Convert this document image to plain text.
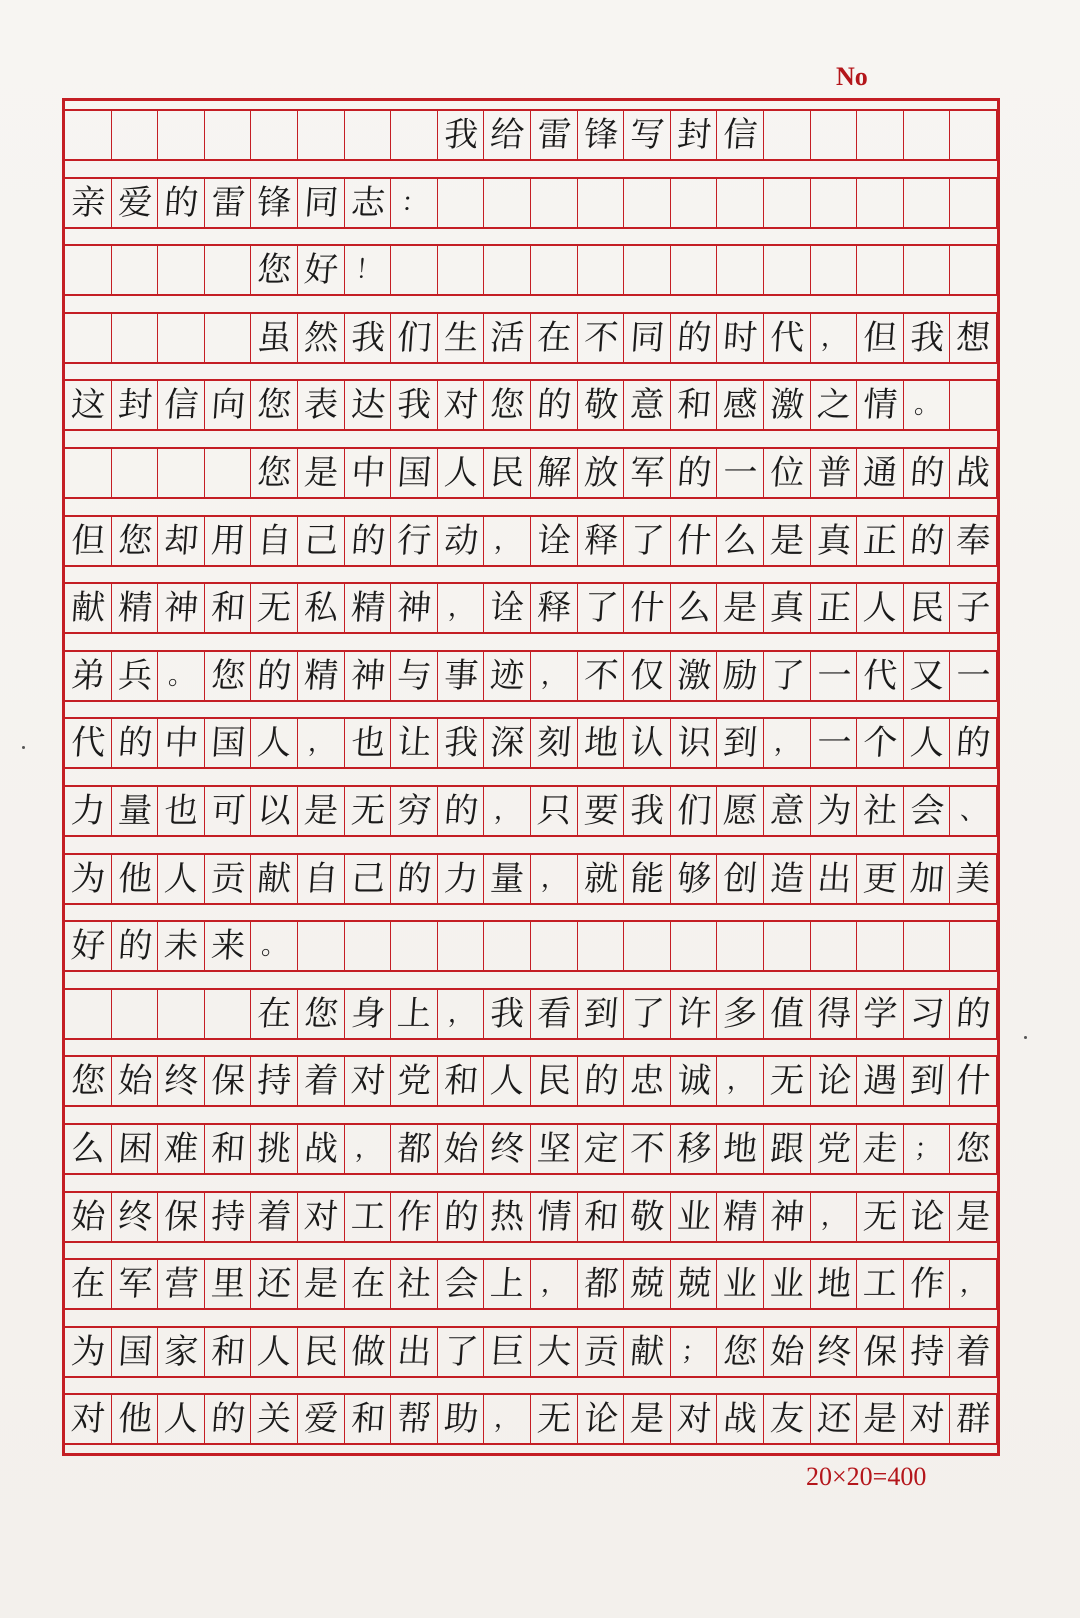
No
我 给 雷 锋 写 封 信
亲 爱 的 雷 锋 同 志 ：
您 好 ！
虽 然 我 们 生 活 在 不 同 的 时 代 ， 但 我 想
这 封 信 向 您 表 达 我 对 您 的 敬 意 和 感 激 之 情 。
您 是 中 国 人 民 解 放 军 的 一 位 普 通 的 战
但 您 却 用 自 己 的 行 动 ， 诠 释 了 什 么 是 真 正 的 奉
献 精 神 和 无 私 精 神 ， 诠 释 了 什 么 是 真 正 人 民 子
弟 兵 。 您 的 精 神 与 事 迹 ， 不 仅 激 励 了 一 代 又 一
代 的 中 国 人 ， 也 让 我 深 刻 地 认 识 到 ， 一 个 人 的
力 量 也 可 以 是 无 穷 的 ， 只 要 我 们 愿 意 为 社 会 、
为 他 人 贡 献 自 己 的 力 量 ， 就 能 够 创 造 出 更 加 美
好 的 未 来 。
在 您 身 上 ， 我 看 到 了 许 多 值 得 学 习 的
您 始 终 保 持 着 对 党 和 人 民 的 忠 诚 ， 无 论 遇 到 什
么 困 难 和 挑 战 ， 都 始 终 坚 定 不 移 地 跟 党 走 ； 您
始 终 保 持 着 对 工 作 的 热 情 和 敬 业 精 神 ， 无 论 是
在 军 营 里 还 是 在 社 会 上 ， 都 兢 兢 业 业 地 工 作 ，
为 国 家 和 人 民 做 出 了 巨 大 贡 献 ； 您 始 终 保 持 着
对 他 人 的 关 爱 和 帮 助 ， 无 论 是 对 战 友 还 是 对 群
20×20=400
